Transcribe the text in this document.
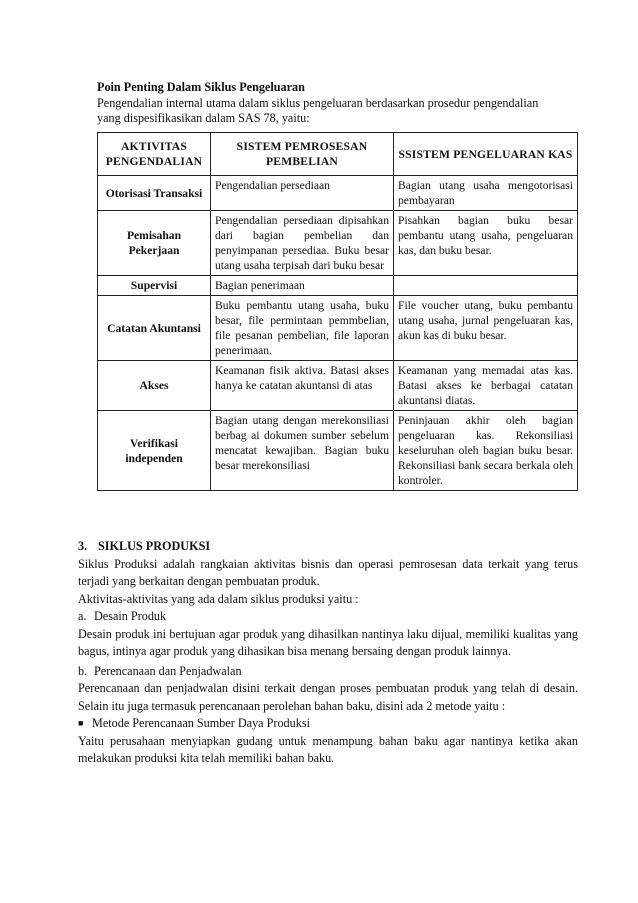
Poin Penting Dalam Siklus Pengeluaran
Pengendalian internal utama dalam siklus pengeluaran berdasarkan prosedur pengendalian
yang dispesifikasikan dalam SAS 78, yaitu:
AKTIVITAS PENGENDALIAN	SISTEM PEMROSESAN PEMBELIAN	SSISTEM PENGELUARAN KAS
Otorisasi Transaksi	Pengendalian persediaan	Bagian utang usaha mengotorisasi pembayaran
Pemisahan Pekerjaan	Pengendalian persediaan dipisahkan dari bagian pembelian dan penyimpanan persediaa. Buku besar utang usaha terpisah dari buku besar	Pisahkan bagian buku besar pembantu utang usaha, pengeluaran kas, dan buku besar.
Supervisi	Bagian penerimaan	
Catatan Akuntansi	Buku pembantu utang usaha, buku besar, file permintaan pemmbelian, file pesanan pembelian, file laporan penerimaan.	File voucher utang, buku pembantu utang usaha, jurnal pengeluaran kas, akun kas di buku besar.
Akses	Keamanan fisik aktiva. Batasi akses hanya ke catatan akuntansi di atas	Keamanan yang memadai atas kas. Batasi akses ke berbagai catatan akuntansi diatas.
Verifikasi independen	Bagian utang dengan merekonsiliasi berbag ai dokumen sumber sebelum mencatat kewajiban. Bagian buku besar merekonsiliasi	Peninjauan akhir oleh bagian pengeluaran kas. Rekonsiliasi keseluruhan oleh bagian buku besar. Rekonsiliasi bank secara berkala oleh kontroler.

3. SIKLUS PRODUKSI

Siklus Produksi adalah rangkaian aktivitas bisnis dan operasi pemrosesan data terkait yang terus terjadi yang berkaitan dengan pembuatan produk.

Aktivitas-aktivitas yang ada dalam siklus produksi yaitu :

a. Desain Produk

Desain produk ini bertujuan agar produk yang dihasilkan nantinya laku dijual, memiliki kualitas yang bagus, intinya agar produk yang dihasikan bisa menang bersaing dengan produk lainnya.

b. Perencanaan dan Penjadwalan

Perencanaan dan penjadwalan disini terkait dengan proses pembuatan produk yang telah di desain. Selain itu juga termasuk perencanaan perolehan bahan baku, disini ada 2 metode yaitu :

■ Metode Perencanaan Sumber Daya Produksi

Yaitu perusahaan menyiapkan gudang untuk menampung bahan baku agar nantinya ketika akan melakukan produksi kita telah memiliki bahan baku.
